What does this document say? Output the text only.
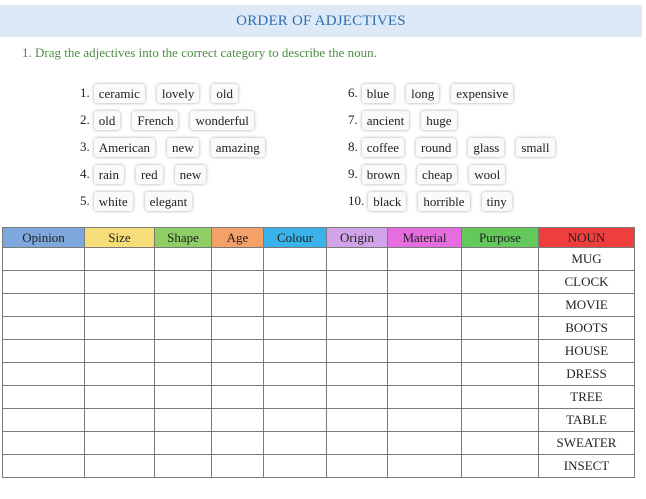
ORDER OF ADJECTIVES
1. Drag the adjectives into the correct category to describe the noun.
1. ceramic	lovely	old
2. old	French	wonderful
3. American	new	amazing
4. rain	red	new
5. white	elegant
6. blue	long	expensive
7. ancient	huge
8. coffee	round	glass	small
9. brown	cheap	wool
10. black	horrible	tiny
Opinion	Size	Shape	Age	Colour	Origin	Material	Purpose	NOUN
								MUG
								CLOCK
								MOVIE
								BOOTS
								HOUSE
								DRESS
								TREE
								TABLE
								SWEATER
								INSECT
